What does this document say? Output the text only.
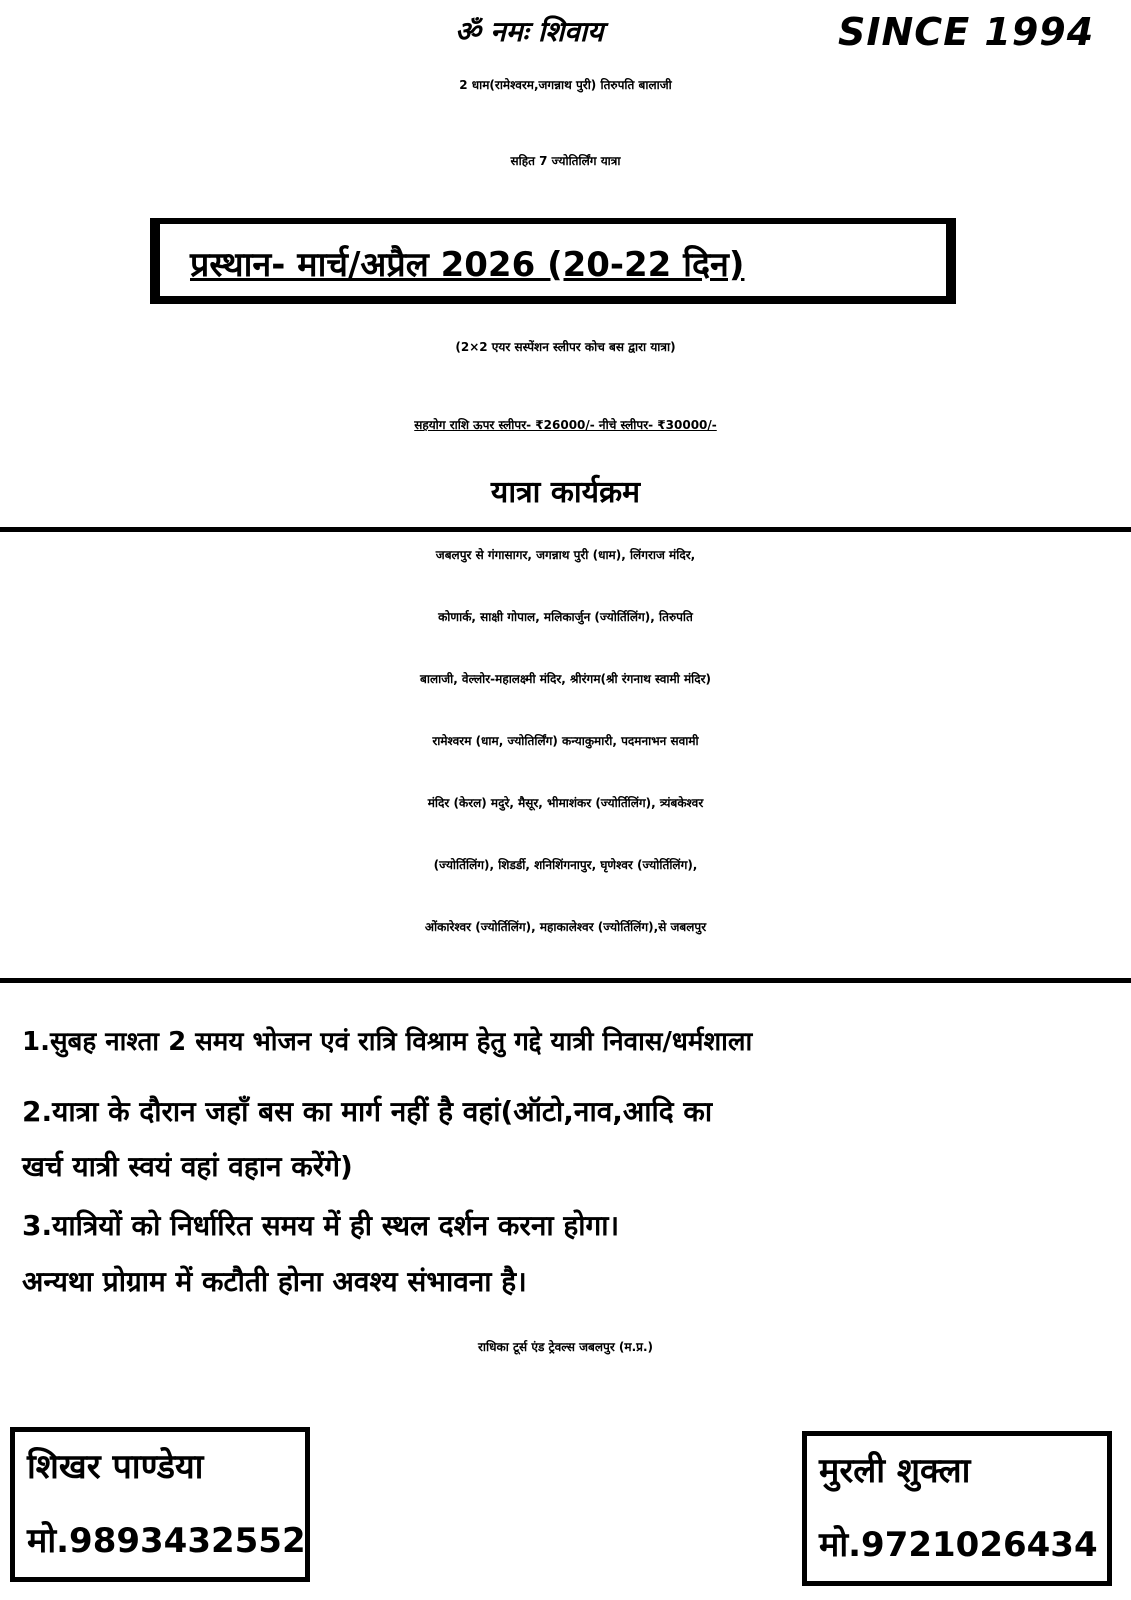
ॐ नमः शिवाय	SINCE 1994
2 धाम(रामेश्वरम,जगन्नाथ पुरी) तिरुपति बालाजी
सहित 7 ज्योतिर्लिंग यात्रा
प्रस्थान- मार्च/अप्रैल 2026 (20-22 दिन)
(2×2 एयर सस्पेंशन स्लीपर कोच बस द्वारा यात्रा)
सहयोग राशि ऊपर स्लीपर- ₹26000/- नीचे स्लीपर- ₹30000/-
यात्रा कार्यक्रम
जबलपुर से गंगासागर, जगन्नाथ पुरी (धाम), लिंगराज मंदिर,
कोणार्क, साक्षी गोपाल, मलिकार्जुन (ज्योर्तिलिंग), तिरुपति
बालाजी, वेल्लोर-महालक्ष्मी मंदिर, श्रीरंगम(श्री रंगनाथ स्वामी मंदिर)
रामेश्वरम (धाम, ज्योतिर्लिंग) कन्याकुमारी, पदमनाभन सवामी
मंदिर (केरल) मदुरे, मैसूर, भीमाशंकर (ज्योर्तिलिंग), त्र्यंबकेश्वर
(ज्योर्तिलिंग), शिडर्डी, शनिशिंगनापुर, घृणेश्वर (ज्योर्तिलिंग),
ओंकारेश्वर (ज्योर्तिलिंग), महाकालेश्वर (ज्योर्तिलिंग),से जबलपुर
1.सुबह नाश्ता 2 समय भोजन एवं रात्रि विश्राम हेतु गद्दे यात्री निवास/धर्मशाला
2.यात्रा के दौरान जहाँ बस का मार्ग नहीं है वहां(ऑटो,नाव,आदि का
खर्च यात्री स्वयं वहां वहान करेंगे)
3.यात्रियों को निर्धारित समय में ही स्थल दर्शन करना होगा।
अन्यथा प्रोग्राम में कटौती होना अवश्य संभावना है।
राधिका टूर्स एंड ट्रेवल्स जबलपुर (म.प्र.)
शिखर पाण्डेया
मो.9893432552
मुरली शुक्ला
मो.9721026434
